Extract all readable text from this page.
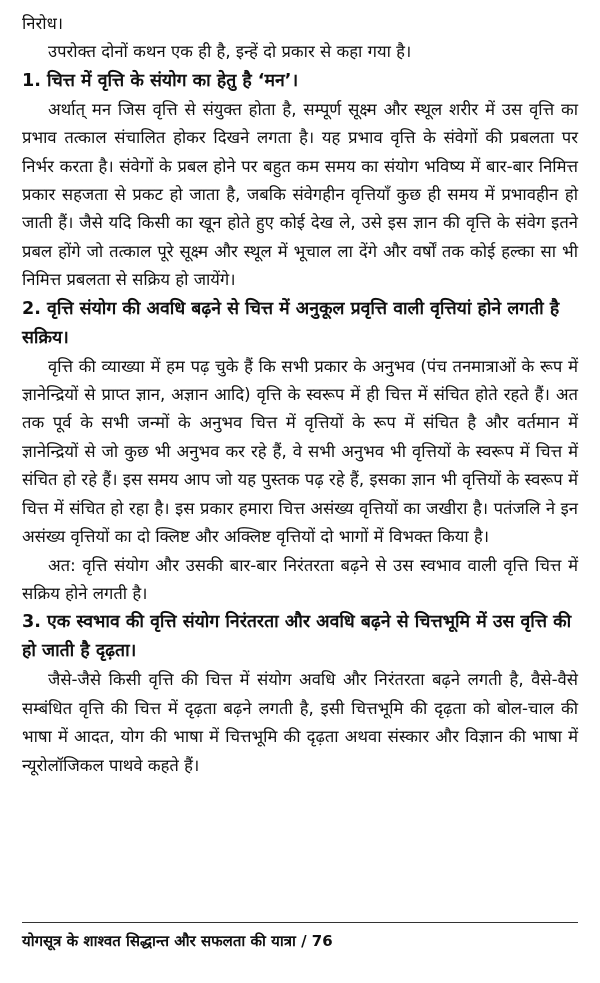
निरोध।

उपरोक्त दोनों कथन एक ही है, इन्हें दो प्रकार से कहा गया है।

1. चित्त में वृत्ति के संयोग का हेतु है ‘मन’।

अर्थात् मन जिस वृत्ति से संयुक्त होता है, सम्पूर्ण सूक्ष्म और स्थूल शरीर में उस वृत्ति का प्रभाव तत्काल संचालित होकर दिखने लगता है। यह प्रभाव वृत्ति के संवेगों की प्रबलता पर निर्भर करता है। संवेगों के प्रबल होने पर बहुत कम समय का संयोग भविष्य में बार-बार निमित्त प्रकार सहजता से प्रकट हो जाता है, जबकि संवेगहीन वृत्तियाँ कुछ ही समय में प्रभावहीन हो जाती हैं। जैसे यदि किसी का खून होते हुए कोई देख ले, उसे इस ज्ञान की वृत्ति के संवेग इतने प्रबल होंगे जो तत्काल पूरे सूक्ष्म और स्थूल में भूचाल ला देंगे और वर्षों तक कोई हल्का सा भी निमित्त प्रबलता से सक्रिय हो जायेंगे।

2. वृत्ति संयोग की अवधि बढ़ने से चित्त में अनुकूल प्रवृत्ति वाली वृत्तियां होने लगती है सक्रिय।

वृत्ति की व्याख्या में हम पढ़ चुके हैं कि सभी प्रकार के अनुभव (पंच तनमात्राओं के रूप में ज्ञानेन्द्रियों से प्राप्त ज्ञान, अज्ञान आदि) वृत्ति के स्वरूप में ही चित्त में संचित होते रहते हैं। अत तक पूर्व के सभी जन्मों के अनुभव चित्त में वृत्तियों के रूप में संचित है और वर्तमान में ज्ञानेन्द्रियों से जो कुछ भी अनुभव कर रहे हैं, वे सभी अनुभव भी वृत्तियों के स्वरूप में चित्त में संचित हो रहे हैं। इस समय आप जो यह पुस्तक पढ़ रहे हैं, इसका ज्ञान भी वृत्तियों के स्वरूप में चित्त में संचित हो रहा है। इस प्रकार हमारा चित्त असंख्य वृत्तियों का जखीरा है। पतंजलि ने इन असंख्य वृत्तियों का दो क्लिष्ट और अक्लिष्ट वृत्तियों दो भागों में विभक्त किया है।

अत: वृत्ति संयोग और उसकी बार-बार निरंतरता बढ़ने से उस स्वभाव वाली वृत्ति चित्त में सक्रिय होने लगती है।

3. एक स्वभाव की वृत्ति संयोग निरंतरता और अवधि बढ़ने से चित्तभूमि में उस वृत्ति की हो जाती है दृढ़ता।

जैसे-जैसे किसी वृत्ति की चित्त में संयोग अवधि और निरंतरता बढ़ने लगती है, वैसे-वैसे सम्बंधित वृत्ति की चित्त में दृढ़ता बढ़ने लगती है, इसी चित्तभूमि की दृढ़ता को बोल-चाल की भाषा में आदत, योग की भाषा में चित्तभूमि की दृढ़ता अथवा संस्कार और विज्ञान की भाषा में न्यूरोलॉजिकल पाथवे कहते हैं।

योगसूत्र के शाश्वत सिद्धान्त और सफलता की यात्रा / 76
